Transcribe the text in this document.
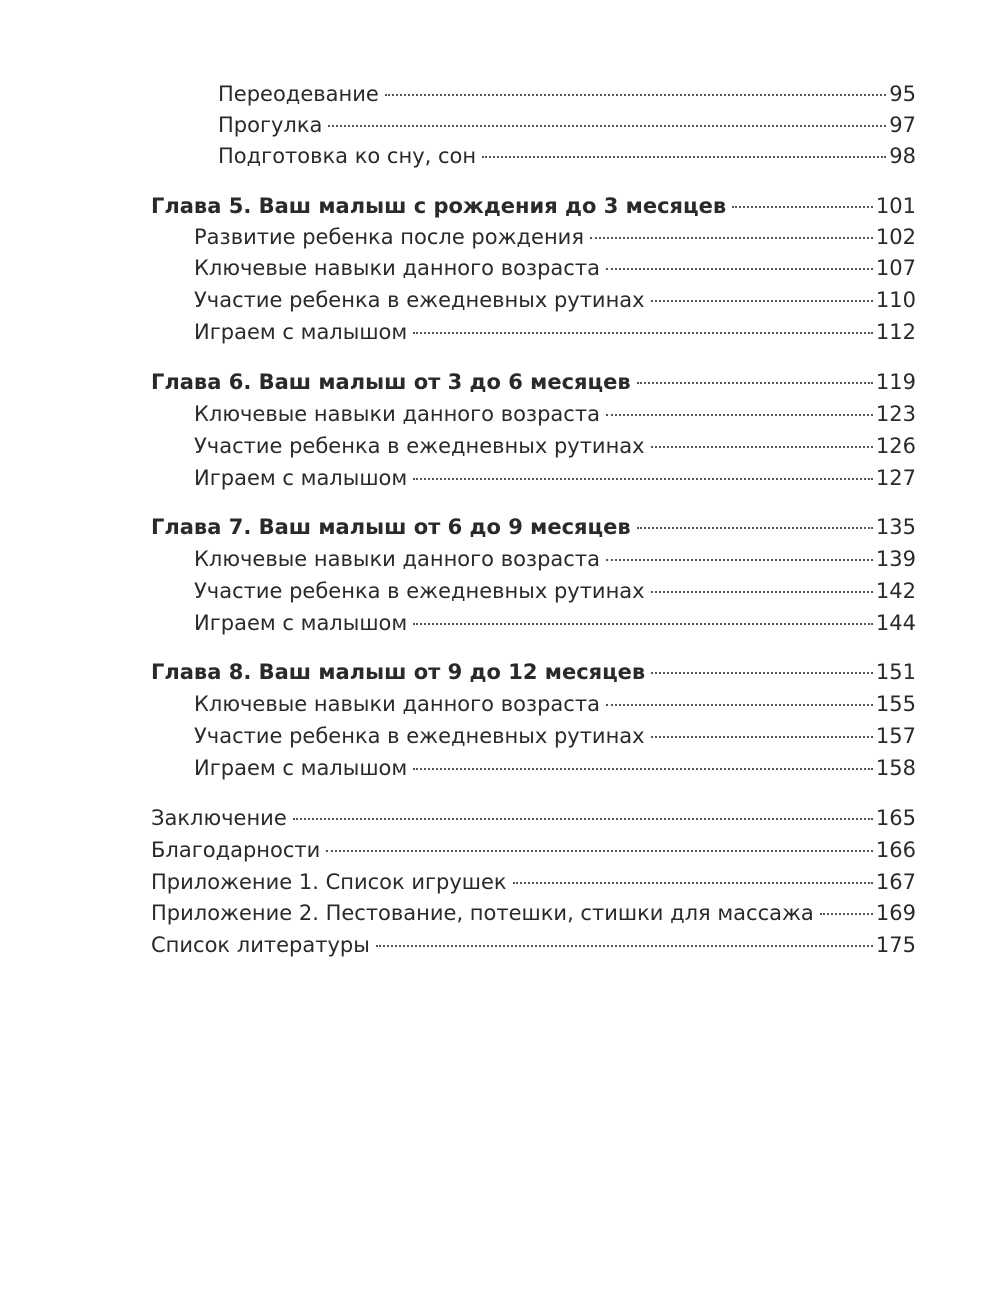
Переодевание	95
Прогулка	97
Подготовка ко сну, сон	98
Глава 5. Ваш малыш с рождения до 3 месяцев	101
Развитие ребенка после рождения	102
Ключевые навыки данного возраста	107
Участие ребенка в ежедневных рутинах	110
Играем с малышом	112
Глава 6. Ваш малыш от 3 до 6 месяцев	119
Ключевые навыки данного возраста	123
Участие ребенка в ежедневных рутинах	126
Играем с малышом	127
Глава 7. Ваш малыш от 6 до 9 месяцев	135
Ключевые навыки данного возраста	139
Участие ребенка в ежедневных рутинах	142
Играем с малышом	144
Глава 8. Ваш малыш от 9 до 12 месяцев	151
Ключевые навыки данного возраста	155
Участие ребенка в ежедневных рутинах	157
Играем с малышом	158
Заключение	165
Благодарности	166
Приложение 1. Список игрушек	167
Приложение 2. Пестование, потешки, стишки для массажа	169
Список литературы	175
